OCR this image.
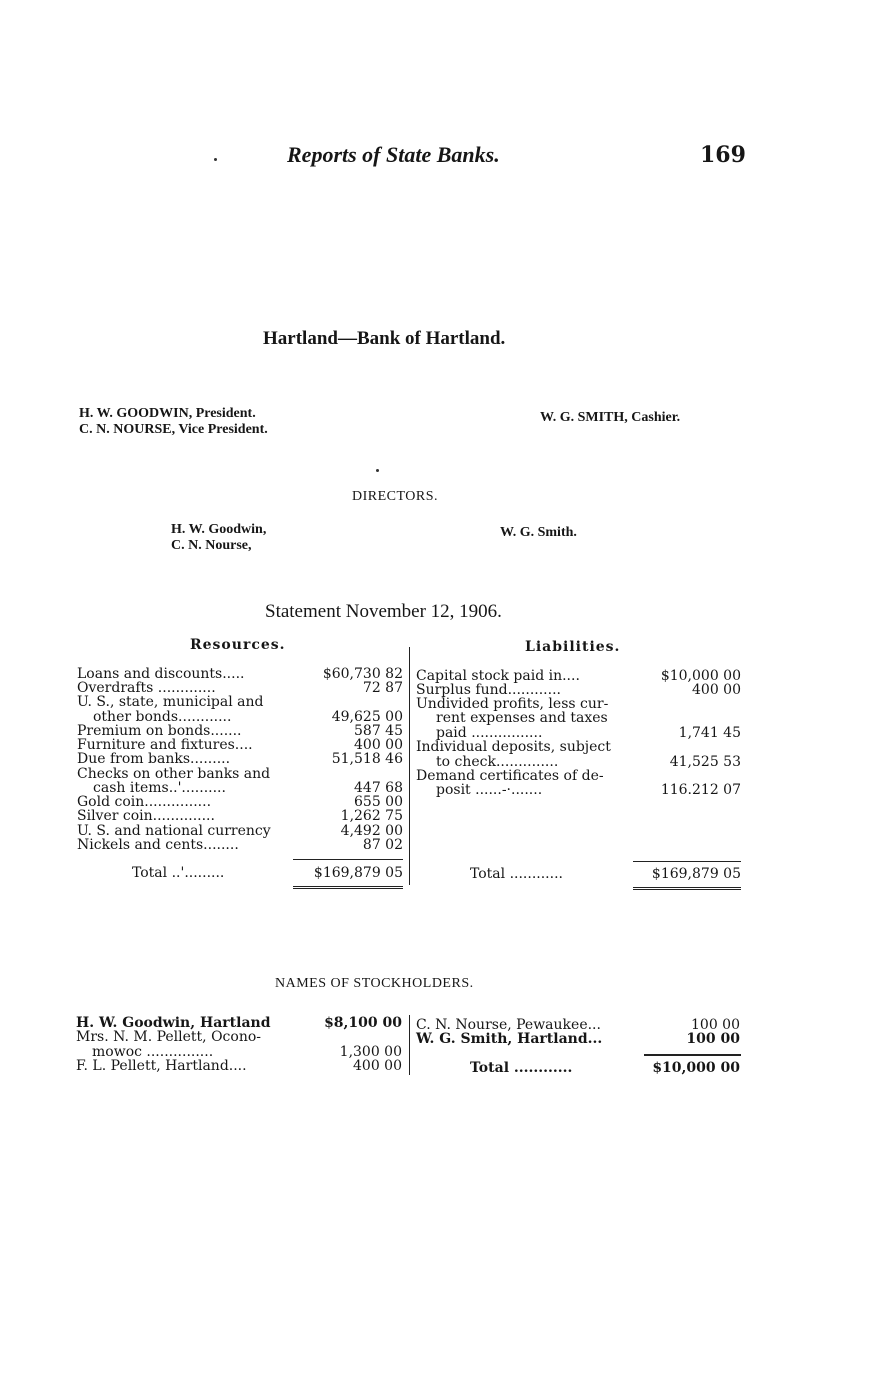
Reports of State Banks.	169
Hartland—Bank of Hartland.
H. W. GOODWIN, President.
C. N. NOURSE, Vice President.
W. G. SMITH, Cashier.
DIRECTORS.
H. W. Goodwin,
C. N. Nourse,
W. G. Smith.
Statement November 12, 1906.
Resources.	Liabilities.
Loans and discounts.....	$60,730 82
Overdrafts .............	72 87
U. S., state, municipal and
other bonds............	49,625 00
Premium on bonds.......	587 45
Furniture and fixtures....	400 00
Due from banks.........	51,518 46
Checks on other banks and
cash items..'..........	447 68
Gold coin...............	655 00
Silver coin..............	1,262 75
U. S. and national currency	4,492 00
Nickels and cents........	87 02
Total ..'.........	$169,879 05
Capital stock paid in....	$10,000 00
Surplus fund............	400 00
Undivided profits, less cur-
rent expenses and taxes
paid ................	1,741 45
Individual deposits, subject
to check..............	41,525 53
Demand certificates of de-
posit ......-·.......	116.212 07
Total ............	$169,879 05
NAMES OF STOCKHOLDERS.
H. W. Goodwin, Hartland	$8,100 00
Mrs. N. M. Pellett, Ocono-
mowoc ...............	1,300 00
F. L. Pellett, Hartland....	400 00
C. N. Nourse, Pewaukee...	100 00
W. G. Smith, Hartland...	100 00
Total ............	$10,000 00
